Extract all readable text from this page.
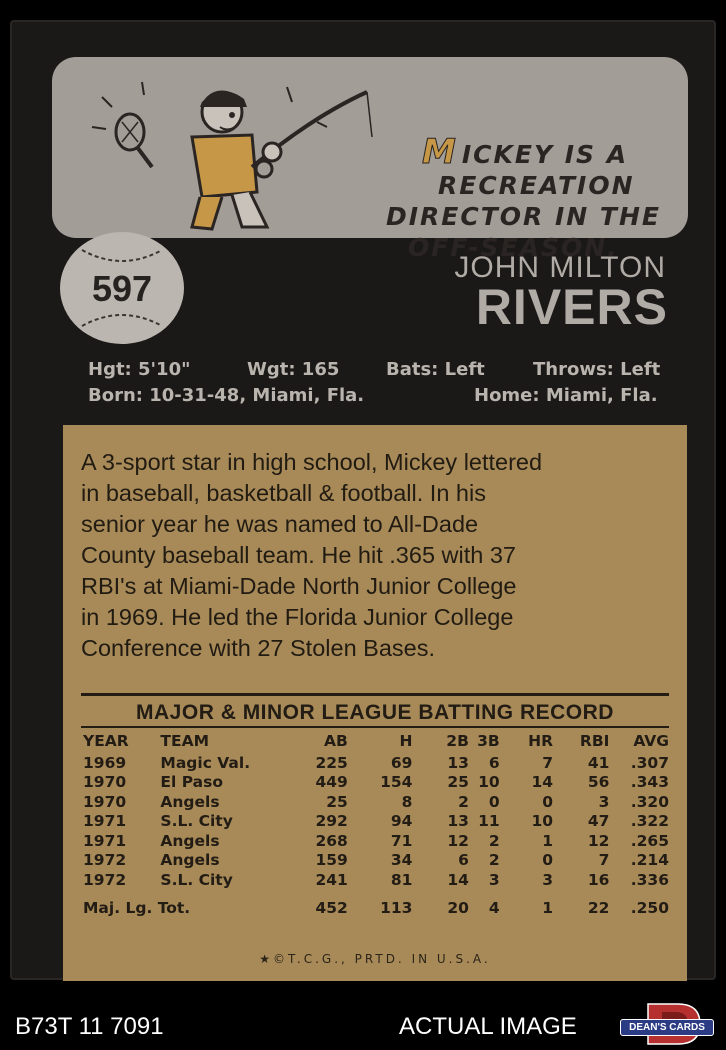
M ICKEY IS A
RECREATION
DIRECTOR IN THE
OFF-SEASON.
597
JOHN MILTON
RIVERS
Hgt: 5'10"	Wgt: 165	Bats: Left	Throws: Left
Born: 10-31-48, Miami, Fla.	Home: Miami, Fla.
A 3-sport star in high school, Mickey lettered
in baseball, basketball & football. In his
senior year he was named to All-Dade
County baseball team. He hit .365 with 37
RBI's at Miami-Dade North Junior College
in 1969. He led the Florida Junior College
Conference with 27 Stolen Bases.
MAJOR & MINOR LEAGUE BATTING RECORD
YEAR	TEAM	AB	H	2B	3B	HR	RBI	AVG
1969	Magic Val.	225	69	13	6	7	41	.307
1970	El Paso	449	154	25	10	14	56	.343
1970	Angels	25	8	2	0	0	3	.320
1971	S.L. City	292	94	13	11	10	47	.322
1971	Angels	268	71	12	2	1	12	.265
1972	Angels	159	34	6	2	0	7	.214
1972	S.L. City	241	81	14	3	3	16	.336
Maj. Lg. Tot.		452	113	20	4	1	22	.250
★©T.C.G., PRTD. IN U.S.A.
B73T 11 7091	ACTUAL IMAGE	DEAN'S CARDS
